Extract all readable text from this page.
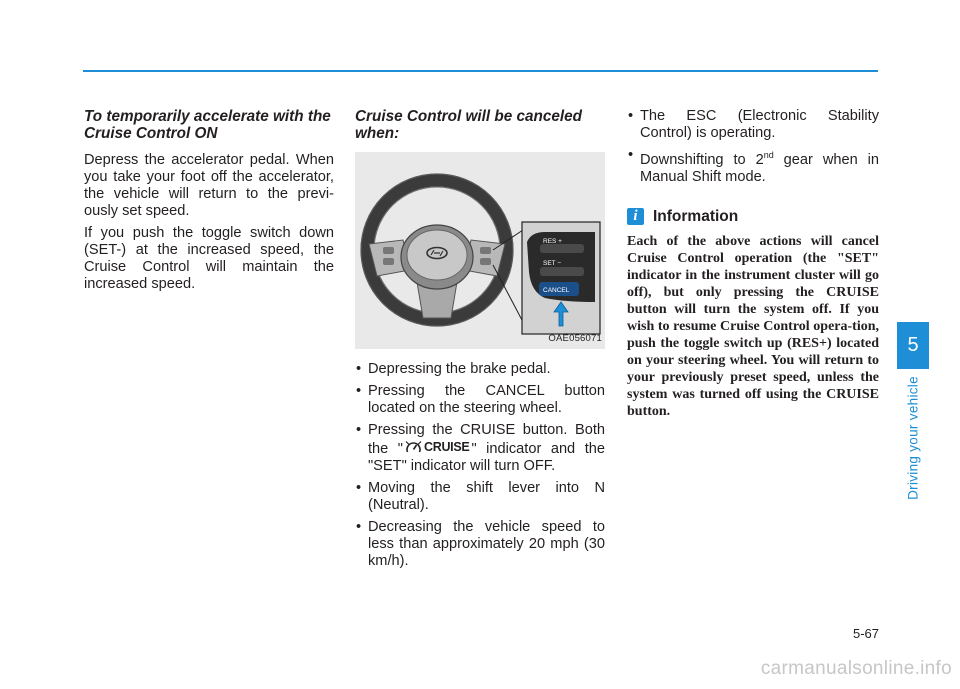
To temporarily accelerate with the Cruise Control ON

Depress the accelerator pedal. When you take your foot off the accelerator, the vehicle will return to the previ-ously set speed.

If you push the toggle switch down (SET-) at the increased speed, the Cruise Control will maintain the increased speed.

Cruise Control will be canceled when:
RES +
SET −
CANCEL
OAE056071
• Depressing the brake pedal.
• Pressing the CANCEL button located on the steering wheel.
• Pressing the CRUISE button. Both the " CRUISE " indicator and the "SET" indicator will turn OFF.
• Moving the shift lever into N (Neutral).
• Decreasing the vehicle speed to less than approximately 20 mph (30 km/h).
• The ESC (Electronic Stability Control) is operating.
• Downshifting to 2nd gear when in Manual Shift mode.
i Information

Each of the above actions will cancel Cruise Control operation (the "SET" indicator in the instrument cluster will go off), but only pressing the CRUISE button will turn the system off. If you wish to resume Cruise Control opera-tion, push the toggle switch up (RES+) located on your steering wheel. You will return to your previously preset speed, unless the system was turned off using the CRUISE button.

5
Driving your vehicle
5-67
carmanualsonline.info
